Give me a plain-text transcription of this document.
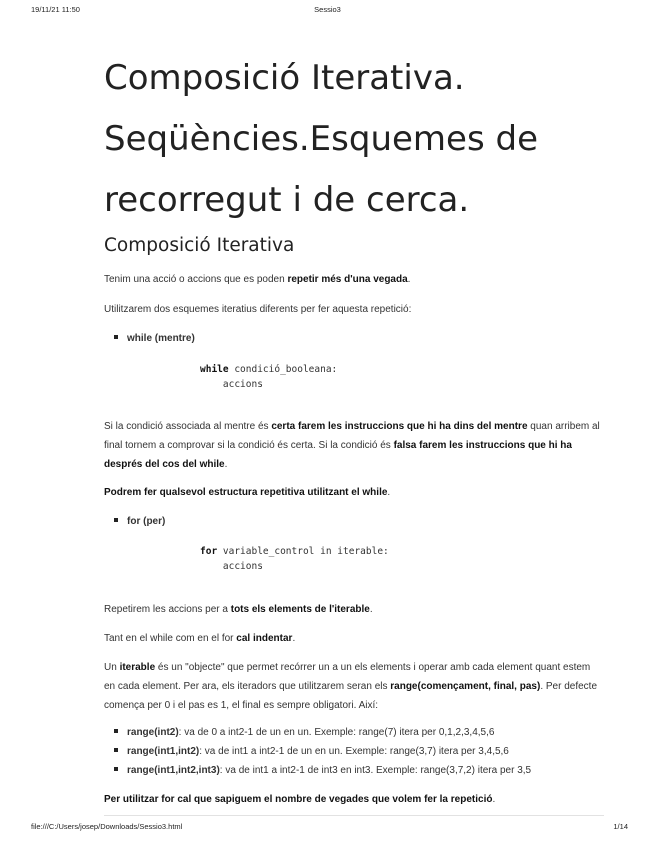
19/11/21 11:50	Sessio3
Composició Iterativa. Seqüències.Esquemes de recorregut i de cerca.
Composició Iterativa

Tenim una acció o accions que es poden repetir més d'una vegada.

Utilitzarem dos esquemes iteratius diferents per fer aquesta repetició:

while (mentre)
while condició_booleana:
accions

Si la condició associada al mentre és certa farem les instruccions que hi ha dins del mentre quan arribem al final tornem a comprovar si la condició és certa. Si la condició és falsa farem les instruccions que hi ha després del cos del while.

Podrem fer qualsevol estructura repetitiva utilitzant el while.

for (per)
for variable_control in iterable:
accions

Repetirem les accions per a tots els elements de l'iterable.

Tant en el while com en el for cal indentar.

Un iterable és un "objecte" que permet recórrer un a un els elements i operar amb cada element quant estem en cada element. Per ara, els iteradors que utilitzarem seran els range(començament, final, pas). Per defecte comença per 0 i el pas es 1, el final es sempre obligatori. Així:

range(int2): va de 0 a int2-1 de un en un. Exemple: range(7) itera per 0,1,2,3,4,5,6
range(int1,int2): va de int1 a int2-1 de un en un. Exemple: range(3,7) itera per 3,4,5,6
range(int1,int2,int3): va de int1 a int2-1 de int3 en int3. Exemple: range(3,7,2) itera per 3,5

Per utilitzar for cal que sapiguem el nombre de vegades que volem fer la repetició.

file:///C:/Users/josep/Downloads/Sessio3.html	1/14
